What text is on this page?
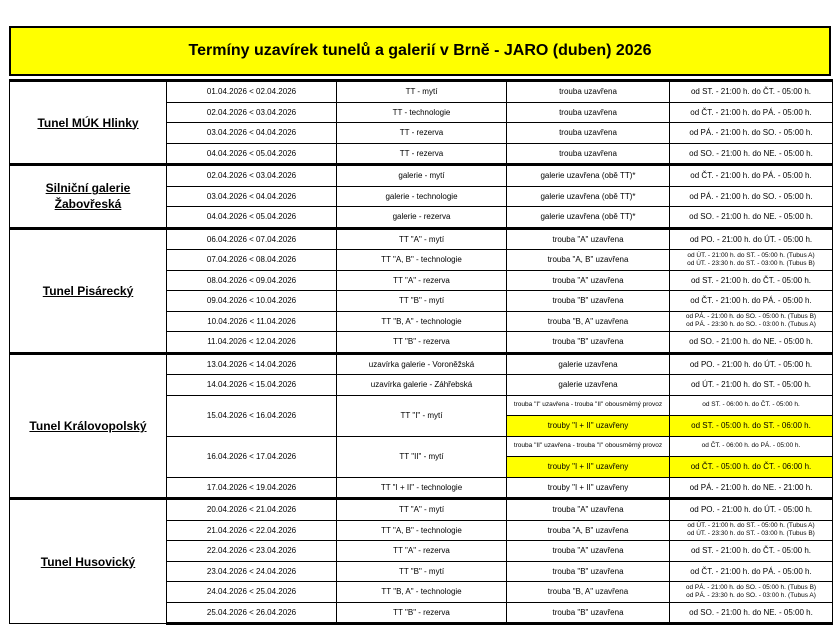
Termíny uzavírek tunelů a galerií v Brně - JARO (duben) 2026
Tunel MÚK Hlinky	01.04.2026 < 02.04.2026	TT - mytí	trouba uzavřena	od ST. - 21:00 h. do ČT. - 05:00 h.
	02.04.2026 < 03.04.2026	TT - technologie	trouba uzavřena	od ČT. - 21:00 h. do PÁ. - 05:00 h.
	03.04.2026 < 04.04.2026	TT - rezerva	trouba uzavřena	od PÁ. - 21:00 h. do SO. - 05:00 h.
	04.04.2026 < 05.04.2026	TT - rezerva	trouba uzavřena	od SO. - 21:00 h. do NE. - 05:00 h.
Silniční galerie Žabovřeská	02.04.2026 < 03.04.2026	galerie - mytí	galerie uzavřena (obě TT)*	od ČT. - 21:00 h. do PÁ. - 05:00 h.
	03.04.2026 < 04.04.2026	galerie - technologie	galerie uzavřena (obě TT)*	od PÁ. - 21:00 h. do SO. - 05:00 h.
	04.04.2026 < 05.04.2026	galerie - rezerva	galerie uzavřena (obě TT)*	od SO. - 21:00 h. do NE. - 05:00 h.
Tunel Pisárecký	06.04.2026 < 07.04.2026	TT "A" - mytí	trouba "A" uzavřena	od PO. - 21:00 h. do ÚT. - 05:00 h.
	07.04.2026 < 08.04.2026	TT "A, B" - technologie	trouba "A, B" uzavřena	od ÚT. - 21:00 h. do ST. - 05:00 h. (Tubus A)
od ÚT. - 23:30 h. do ST. - 03:00 h. (Tubus B)

	08.04.2026 < 09.04.2026	TT "A" - rezerva	trouba "A" uzavřena	od ST. - 21:00 h. do ČT. - 05:00 h.
	09.04.2026 < 10.04.2026	TT "B" - mytí	trouba "B" uzavřena	od ČT. - 21:00 h. do PÁ. - 05:00 h.
	10.04.2026 < 11.04.2026	TT "B, A" - technologie	trouba "B, A" uzavřena	od PÁ. - 21:00 h. do SO. - 05:00 h. (Tubus B)
od PÁ. - 23:30 h. do SO. - 03:00 h. (Tubus A)

	11.04.2026 < 12.04.2026	TT "B" - rezerva	trouba "B" uzavřena	od SO. - 21:00 h. do NE. - 05:00 h.
Tunel Královopolský	13.04.2026 < 14.04.2026	uzavírka galerie - Voroněžská	galerie uzavřena	od PO. - 21:00 h. do ÚT. - 05:00 h.
	14.04.2026 < 15.04.2026	uzavírka galerie - Záhřebská	galerie uzavřena	od ÚT. - 21:00 h. do ST. - 05:00 h.
	15.04.2026 < 16.04.2026	TT "I" - mytí	trouba "I" uzavřena - trouba "II" obousměrný provoz	od ST. - 06:00 h. do ČT. - 05:00 h.
			trouby "I + II" uzavřeny	od ST. - 05:00 h. do ST. - 06:00 h.
	16.04.2026 < 17.04.2026	TT "II" - mytí	trouba "II" uzavřena - trouba "I" obousměrný provoz	od ČT. - 06:00 h. do PÁ. - 05:00 h.
			trouby "I + II" uzavřeny	od ČT. - 05:00 h. do ČT. - 06:00 h.
	17.04.2026 < 19.04.2026	TT "I + II" - technologie	trouby "I + II" uzavřeny	od PÁ. - 21:00 h. do NE. - 21:00 h.
Tunel Husovický	20.04.2026 < 21.04.2026	TT "A" - mytí	trouba "A" uzavřena	od PO. - 21:00 h. do ÚT. - 05:00 h.
	21.04.2026 < 22.04.2026	TT "A, B" - technologie	trouba "A, B" uzavřena	od ÚT. - 21:00 h. do ST. - 05:00 h. (Tubus A)
od ÚT. - 23:30 h. do ST. - 03:00 h. (Tubus B)

	22.04.2026 < 23.04.2026	TT "A" - rezerva	trouba "A" uzavřena	od ST. - 21:00 h. do ČT. - 05:00 h.
	23.04.2026 < 24.04.2026	TT "B" - mytí	trouba "B" uzavřena	od ČT. - 21:00 h. do PÁ. - 05:00 h.
	24.04.2026 < 25.04.2026	TT "B, A" - technologie	trouba "B, A" uzavřena	od PÁ. - 21:00 h. do SO. - 05:00 h. (Tubus B)
od PÁ. - 23:30 h. do SO. - 03:00 h. (Tubus A)

	25.04.2026 < 26.04.2026	TT "B" - rezerva	trouba "B" uzavřena	od SO. - 21:00 h. do NE. - 05:00 h.
